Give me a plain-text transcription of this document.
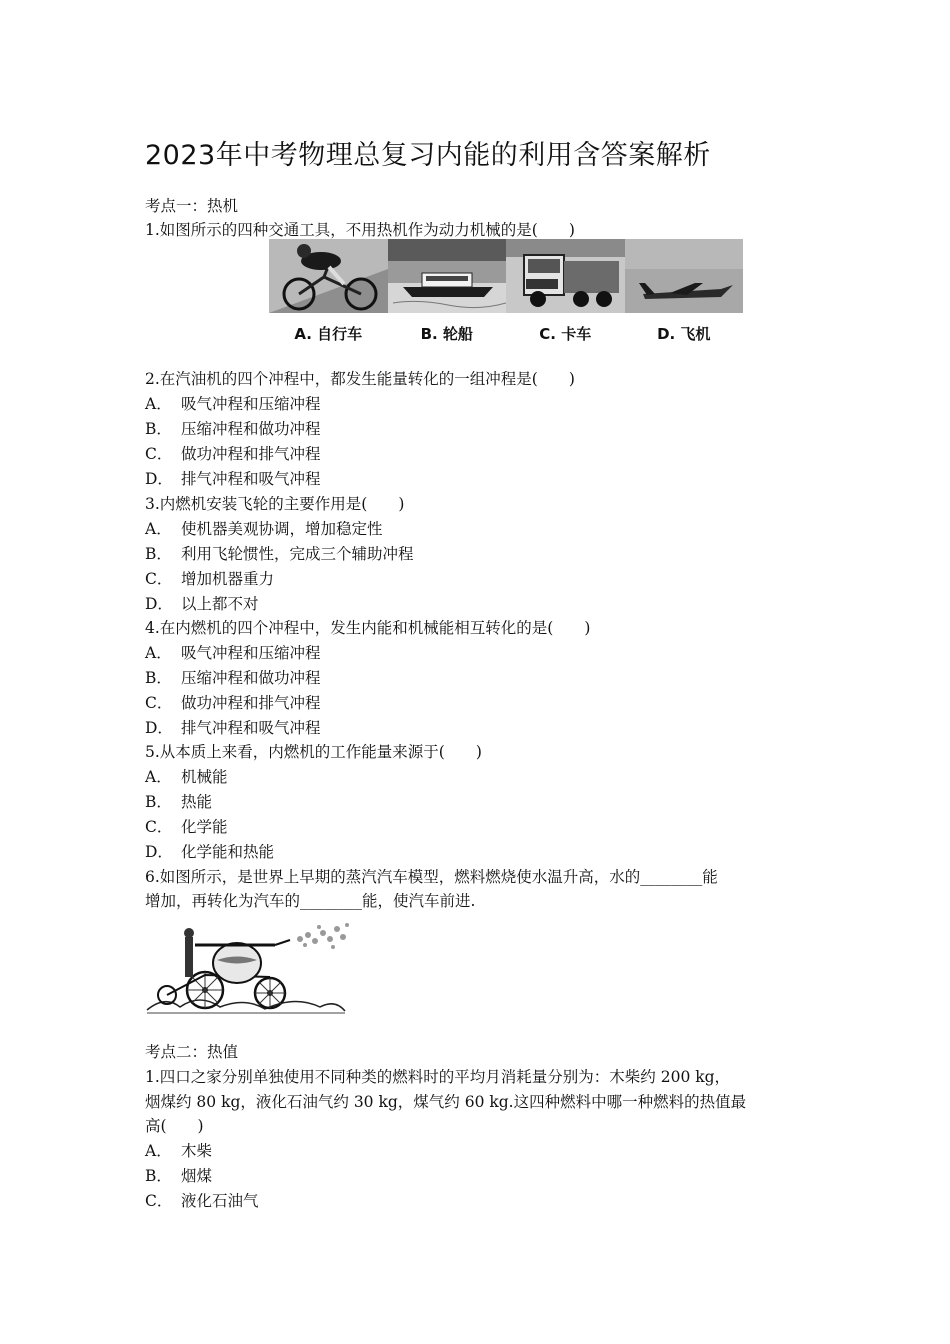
2023年中考物理总复习内能的利用含答案解析
考点一：热机
1.如图所示的四种交通工具，不用热机作为动力机械的是(　　)
A. 自行车	B. 轮船	C. 卡车	D. 飞机
2.在汽油机的四个冲程中，都发生能量转化的一组冲程是(　　)
A． 吸气冲程和压缩冲程
B． 压缩冲程和做功冲程
C． 做功冲程和排气冲程
D． 排气冲程和吸气冲程
3.内燃机安装飞轮的主要作用是(　　)
A． 使机器美观协调，增加稳定性
B． 利用飞轮惯性，完成三个辅助冲程
C． 增加机器重力
D． 以上都不对
4.在内燃机的四个冲程中，发生内能和机械能相互转化的是(　　)
A． 吸气冲程和压缩冲程
B． 压缩冲程和做功冲程
C． 做功冲程和排气冲程
D． 排气冲程和吸气冲程
5.从本质上来看，内燃机的工作能量来源于(　　)
A． 机械能
B． 热能
C． 化学能
D． 化学能和热能
6.如图所示，是世界上早期的蒸汽汽车模型，燃料燃烧使水温升高，水的________能
增加，再转化为汽车的________能，使汽车前进.
考点二：热值
1.四口之家分别单独使用不同种类的燃料时的平均月消耗量分别为：木柴约 200 kg，
烟煤约 80 kg，液化石油气约 30 kg，煤气约 60 kg.这四种燃料中哪一种燃料的热值最
高(　　)
A． 木柴
B． 烟煤
C． 液化石油气
